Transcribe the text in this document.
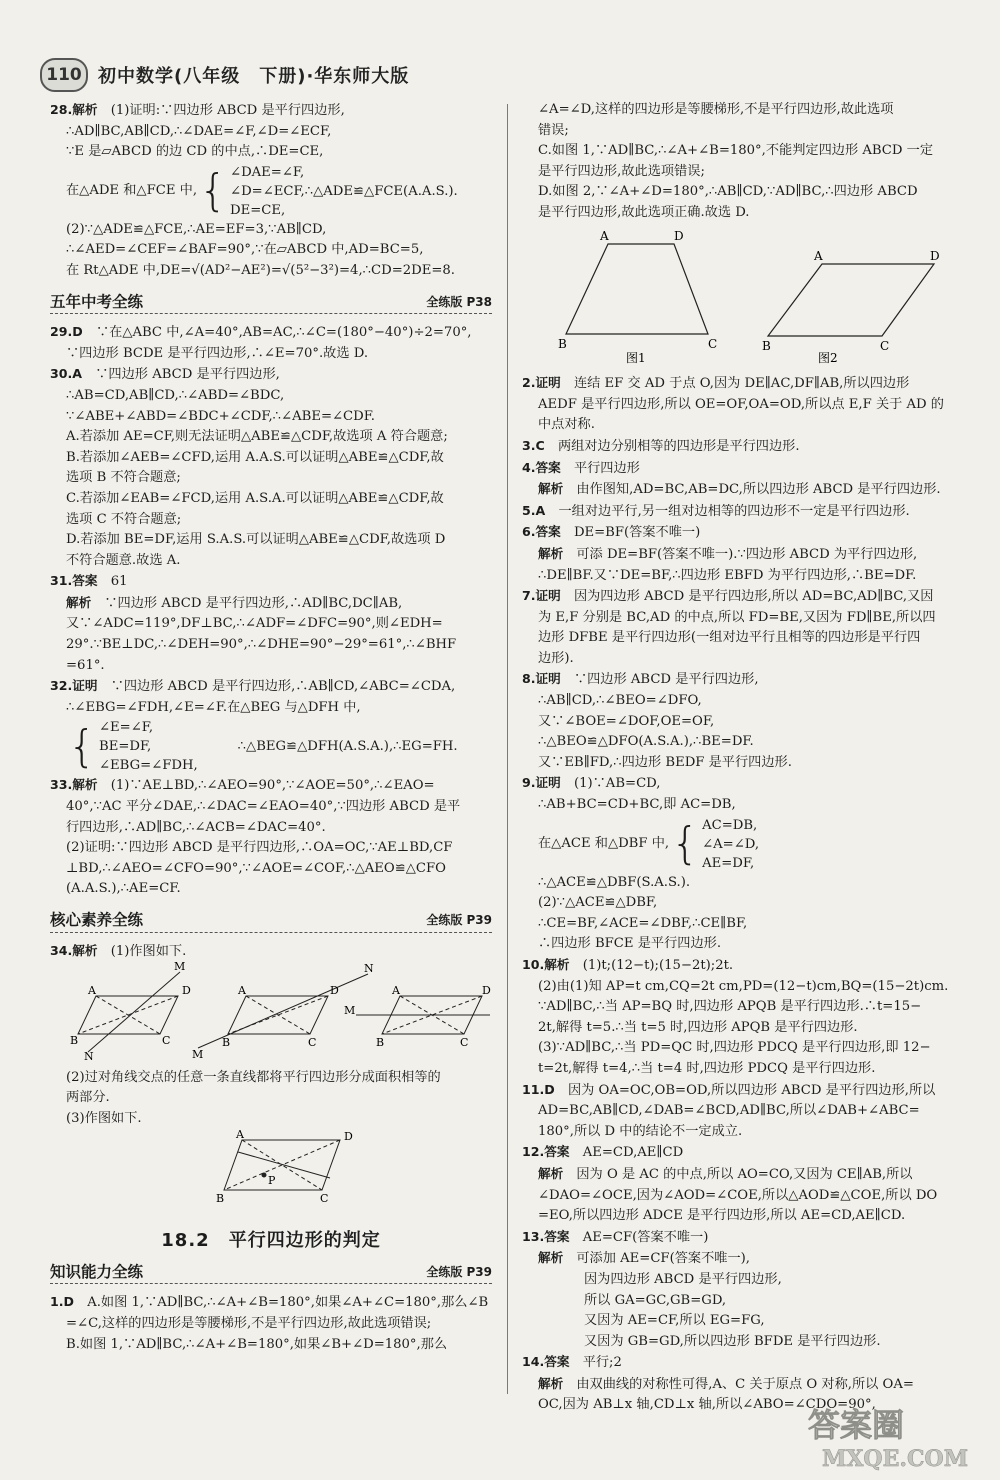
110 初中数学(八年级　下册)·华东师大版
28.解析　 (1)证明:∵四边形 ABCD 是平行四边形,
∴AD∥BC,AB∥CD,∴∠DAE=∠F,∠D=∠ECF,
∵E 是▱ABCD 的边 CD 的中点,∴DE=CE,
在△ADE 和△FCE 中, { ∠DAE=∠F,
∠D=∠ECF,∴△ADE≌△FCE(A.A.S.).
DE=CE,
(2)∵△ADE≌△FCE,∴AE=EF=3,∵AB∥CD,
∴∠AED=∠CEF=∠BAF=90°,∵在▱ABCD 中,AD=BC=5,
在 Rt△ADE 中,DE=√(AD²−AE²)=√(5²−3²)=4,∴CD=2DE=8.
五年中考全练	全练版 P38
29.D　 ∵在△ABC 中,∠A=40°,AB=AC,∴∠C=(180°−40°)÷2=70°,
∵四边形 BCDE 是平行四边形,∴∠E=70°.故选 D.
30.A　 ∵四边形 ABCD 是平行四边形,
∴AB=CD,AB∥CD,∴∠ABD=∠BDC,
∵∠ABE+∠ABD=∠BDC+∠CDF,∴∠ABE=∠CDF.
A.若添加 AE=CF,则无法证明△ABE≌△CDF,故选项 A 符合题意;
B.若添加∠AEB=∠CFD,运用 A.A.S.可以证明△ABE≌△CDF,故
选项 B 不符合题意;
C.若添加∠EAB=∠FCD,运用 A.S.A.可以证明△ABE≌△CDF,故
选项 C 不符合题意;
D.若添加 BE=DF,运用 S.A.S.可以证明△ABE≌△CDF,故选项 D
不符合题意.故选 A.
31.答案　 61
解析　 ∵四边形 ABCD 是平行四边形,∴AD∥BC,DC∥AB,
又∵∠ADC=119°,DF⊥BC,∴∠ADF=∠DFC=90°,则∠EDH=
29°.∵BE⊥DC,∴∠DEH=90°,∴∠DHE=90°−29°=61°,∴∠BHF
=61°.
32.证明　 ∵四边形 ABCD 是平行四边形,∴AB∥CD,∠ABC=∠CDA,
∴∠EBG=∠FDH,∠E=∠F.在△BEG 与△DFH 中,
{ ∠E=∠F,
BE=DF,
∠EBG=∠FDH,
∴△BEG≌△DFH(A.S.A.),∴EG=FH.
33.解析　 (1)∵AE⊥BD,∴∠AEO=90°,∵∠AOE=50°,∴∠EAO=
40°,∵AC 平分∠DAE,∴∠DAC=∠EAO=40°,∵四边形 ABCD 是平
行四边形,∴AD∥BC,∴∠ACB=∠DAC=40°.
(2)证明:∵四边形 ABCD 是平行四边形,∴OA=OC,∵AE⊥BD,CF
⊥BD,∴∠AEO=∠CFO=90°,∵∠AOE=∠COF,∴△AEO≌△CFO
(A.A.S.),∴AE=CF.
核心素养全练	全练版 P39
34.解析　 (1)作图如下.
A	D
B	C
M
N
A	D
B	C
N
M
A	D
B	C
M
(2)过对角线交点的任意一条直线都将平行四边形分成面积相等的
两部分.
(3)作图如下.
A	D
B	C
P
18.2　平行四边形的判定
知识能力全练	全练版 P39
1.D　 A.如图 1,∵AD∥BC,∴∠A+∠B=180°,如果∠A+∠C=180°,那么∠B
=∠C,这样的四边形是等腰梯形,不是平行四边形,故此选项错误;
B.如图 1,∵AD∥BC,∴∠A+∠B=180°,如果∠B+∠D=180°,那么
∠A=∠D,这样的四边形是等腰梯形,不是平行四边形,故此选项
错误;
C.如图 1,∵AD∥BC,∴∠A+∠B=180°,不能判定四边形 ABCD 一定
是平行四边形,故此选项错误;
D.如图 2,∵∠A+∠D=180°,∴AB∥CD,∵AD∥BC,∴四边形 ABCD
是平行四边形,故此选项正确.故选 D.
A	D
B	C
图1
A	D
B	C
图2
2.证明　 连结 EF 交 AD 于点 O,因为 DE∥AC,DF∥AB,所以四边形
AEDF 是平行四边形,所以 OE=OF,OA=OD,所以点 E,F 关于 AD 的
中点对称.
3.C　 两组对边分别相等的四边形是平行四边形.
4.答案　 平行四边形
解析　 由作图知,AD=BC,AB=DC,所以四边形 ABCD 是平行四边形.
5.A　 一组对边平行,另一组对边相等的四边形不一定是平行四边形.
6.答案　 DE=BF(答案不唯一)
解析　 可添 DE=BF(答案不唯一).∵四边形 ABCD 为平行四边形,
∴DE∥BF.又∵DE=BF,∴四边形 EBFD 为平行四边形,∴BE=DF.
7.证明　 因为四边形 ABCD 是平行四边形,所以 AD=BC,AD∥BC,又因
为 E,F 分别是 BC,AD 的中点,所以 FD=BE,又因为 FD∥BE,所以四
边形 DFBE 是平行四边形(一组对边平行且相等的四边形是平行四
边形).
8.证明　 ∵四边形 ABCD 是平行四边形,
∴AB∥CD,∴∠BEO=∠DFO,
又∵∠BOE=∠DOF,OE=OF,
∴△BEO≌△DFO(A.S.A.),∴BE=DF.
又∵EB∥FD,∴四边形 BEDF 是平行四边形.
9.证明　 (1)∵AB=CD,
∴AB+BC=CD+BC,即 AC=DB,
在△ACE 和△DBF 中, { AC=DB,
∠A=∠D,
AE=DF,
∴△ACE≌△DBF(S.A.S.).
(2)∵△ACE≌△DBF,
∴CE=BF,∠ACE=∠DBF,∴CE∥BF,
∴四边形 BFCE 是平行四边形.
10.解析　 (1)t;(12−t);(15−2t);2t.
(2)由(1)知 AP=t cm,CQ=2t cm,PD=(12−t)cm,BQ=(15−2t)cm.
∵AD∥BC,∴当 AP=BQ 时,四边形 APQB 是平行四边形.∴t=15−
2t,解得 t=5.∴当 t=5 时,四边形 APQB 是平行四边形.
(3)∵AD∥BC,∴当 PD=QC 时,四边形 PDCQ 是平行四边形,即 12−
t=2t,解得 t=4,∴当 t=4 时,四边形 PDCQ 是平行四边形.
11.D　 因为 OA=OC,OB=OD,所以四边形 ABCD 是平行四边形,所以
AD=BC,AB∥CD,∠DAB=∠BCD,AD∥BC,所以∠DAB+∠ABC=
180°,所以 D 中的结论不一定成立.
12.答案　 AE=CD,AE∥CD
解析　 因为 O 是 AC 的中点,所以 AO=CO,又因为 CE∥AB,所以
∠DAO=∠OCE,因为∠AOD=∠COE,所以△AOD≌△COE,所以 DO
=EO,所以四边形 ADCE 是平行四边形,所以 AE=CD,AE∥CD.
13.答案　 AE=CF(答案不唯一)
解析　 可添加 AE=CF(答案不唯一),
因为四边形 ABCD 是平行四边形,
所以 GA=GC,GB=GD,
又因为 AE=CF,所以 EG=FG,
又因为 GB=GD,所以四边形 BFDE 是平行四边形.
14.答案　 平行;2
解析　 由双曲线的对称性可得,A、C 关于原点 O 对称,所以 OA=
OC,因为 AB⊥x 轴,CD⊥x 轴,所以∠ABO=∠CDO=90°,
答案圈
MXQE.COM
